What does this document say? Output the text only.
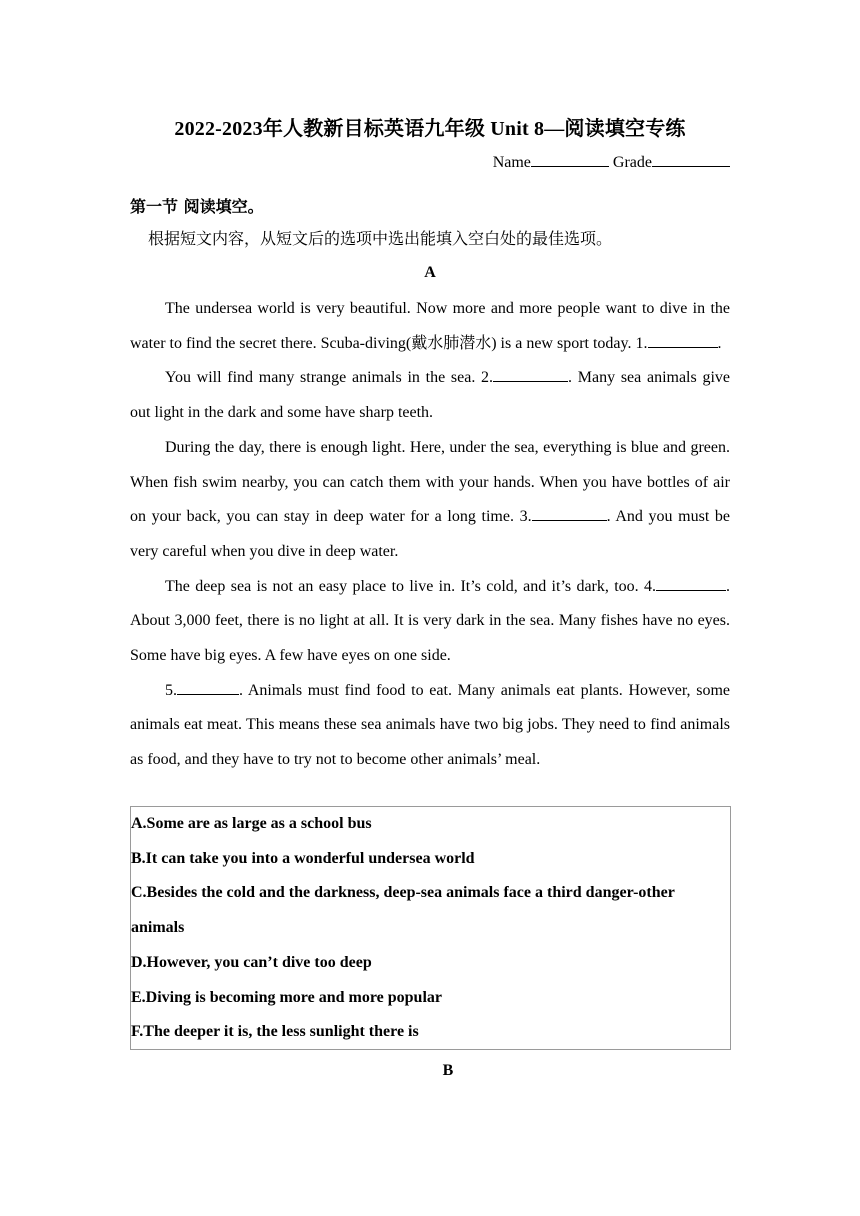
2022-2023年人教新目标英语九年级 Unit 8—阅读填空专练
Name	Grade
第一节 阅读填空。
根据短文内容，从短文后的选项中选出能填入空白处的最佳选项。
A

The undersea world is very beautiful. Now more and more people want to dive in the water to find the secret there. Scuba-diving(戴水肺潜水) is a new sport today. 1.	.

You will find many strange animals in the sea. 2.	. Many sea animals give out light in the dark and some have sharp teeth.

During the day, there is enough light. Here, under the sea, everything is blue and green. When fish swim nearby, you can catch them with your hands. When you have bottles of air on your back, you can stay in deep water for a long time. 3.	. And you must be very careful when you dive in deep water.

The deep sea is not an easy place to live in. It’s cold, and it’s dark, too. 4.	. About 3,000 feet, there is no light at all. It is very dark in the sea. Many fishes have no eyes. Some have big eyes. A few have eyes on one side.

5.	. Animals must find food to eat. Many animals eat plants. However, some animals eat meat. This means these sea animals have two big jobs. They need to find animals as food, and they have to try not to become other animals’ meal.

A.Some are as large as a school bus
B.It can take you into a wonderful undersea world
C.Besides the cold and the darkness, deep-sea animals face a third danger-other animals
D.However, you can’t dive too deep
E.Diving is becoming more and more popular
F.The deeper it is, the less sunlight there is
B
